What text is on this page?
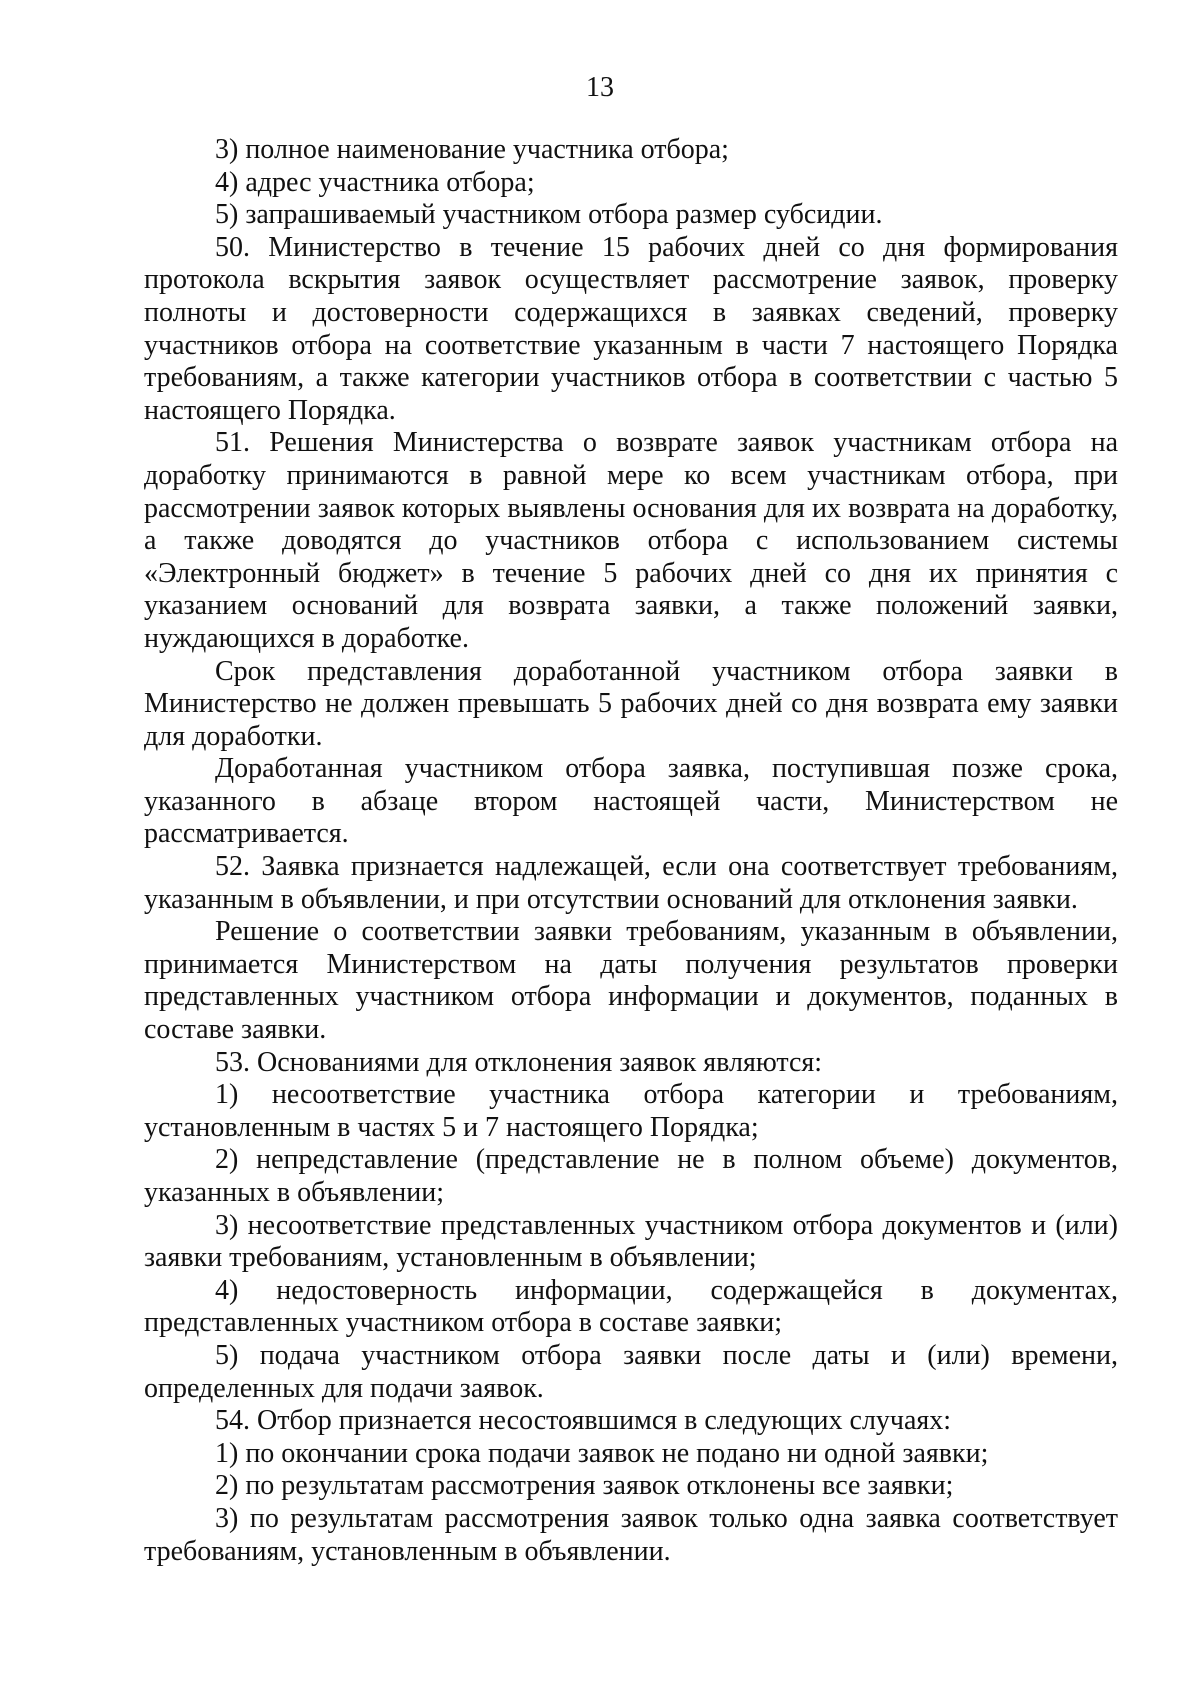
13

3) полное наименование участника отбора;

4) адрес участника отбора;

5) запрашиваемый участником отбора размер субсидии.

50. Министерство в течение 15 рабочих дней со дня формирования протокола вскрытия заявок осуществляет рассмотрение заявок, проверку полноты и достоверности содержащихся в заявках сведений, проверку участников отбора на соответствие указанным в части 7 настоящего Порядка требованиям, а также категории участников отбора в соответствии с частью 5 настоящего Порядка.

51. Решения Министерства о возврате заявок участникам отбора на доработку принимаются в равной мере ко всем участникам отбора, при рассмотрении заявок которых выявлены основания для их возврата на доработку, а также доводятся до участников отбора с использованием системы «Электронный бюджет» в течение 5 рабочих дней со дня их принятия с указанием оснований для возврата заявки, а также положений заявки, нуждающихся в доработке.

Срок представления доработанной участником отбора заявки в Министерство не должен превышать 5 рабочих дней со дня возврата ему заявки для доработки.

Доработанная участником отбора заявка, поступившая позже срока, указанного в абзаце втором настоящей части, Министерством не рассматривается.

52. Заявка признается надлежащей, если она соответствует требованиям, указанным в объявлении, и при отсутствии оснований для отклонения заявки.

Решение о соответствии заявки требованиям, указанным в объявлении, принимается Министерством на даты получения результатов проверки представленных участником отбора информации и документов, поданных в составе заявки.

53. Основаниями для отклонения заявок являются:

1) несоответствие участника отбора категории и требованиям, установленным в частях 5 и 7 настоящего Порядка;

2) непредставление (представление не в полном объеме) документов, указанных в объявлении;

3) несоответствие представленных участником отбора документов и (или) заявки требованиям, установленным в объявлении;

4) недостоверность информации, содержащейся в документах, представленных участником отбора в составе заявки;

5) подача участником отбора заявки после даты и (или) времени, определенных для подачи заявок.

54. Отбор признается несостоявшимся в следующих случаях:

1) по окончании срока подачи заявок не подано ни одной заявки;

2) по результатам рассмотрения заявок отклонены все заявки;

3) по результатам рассмотрения заявок только одна заявка соответствует требованиям, установленным в объявлении.
